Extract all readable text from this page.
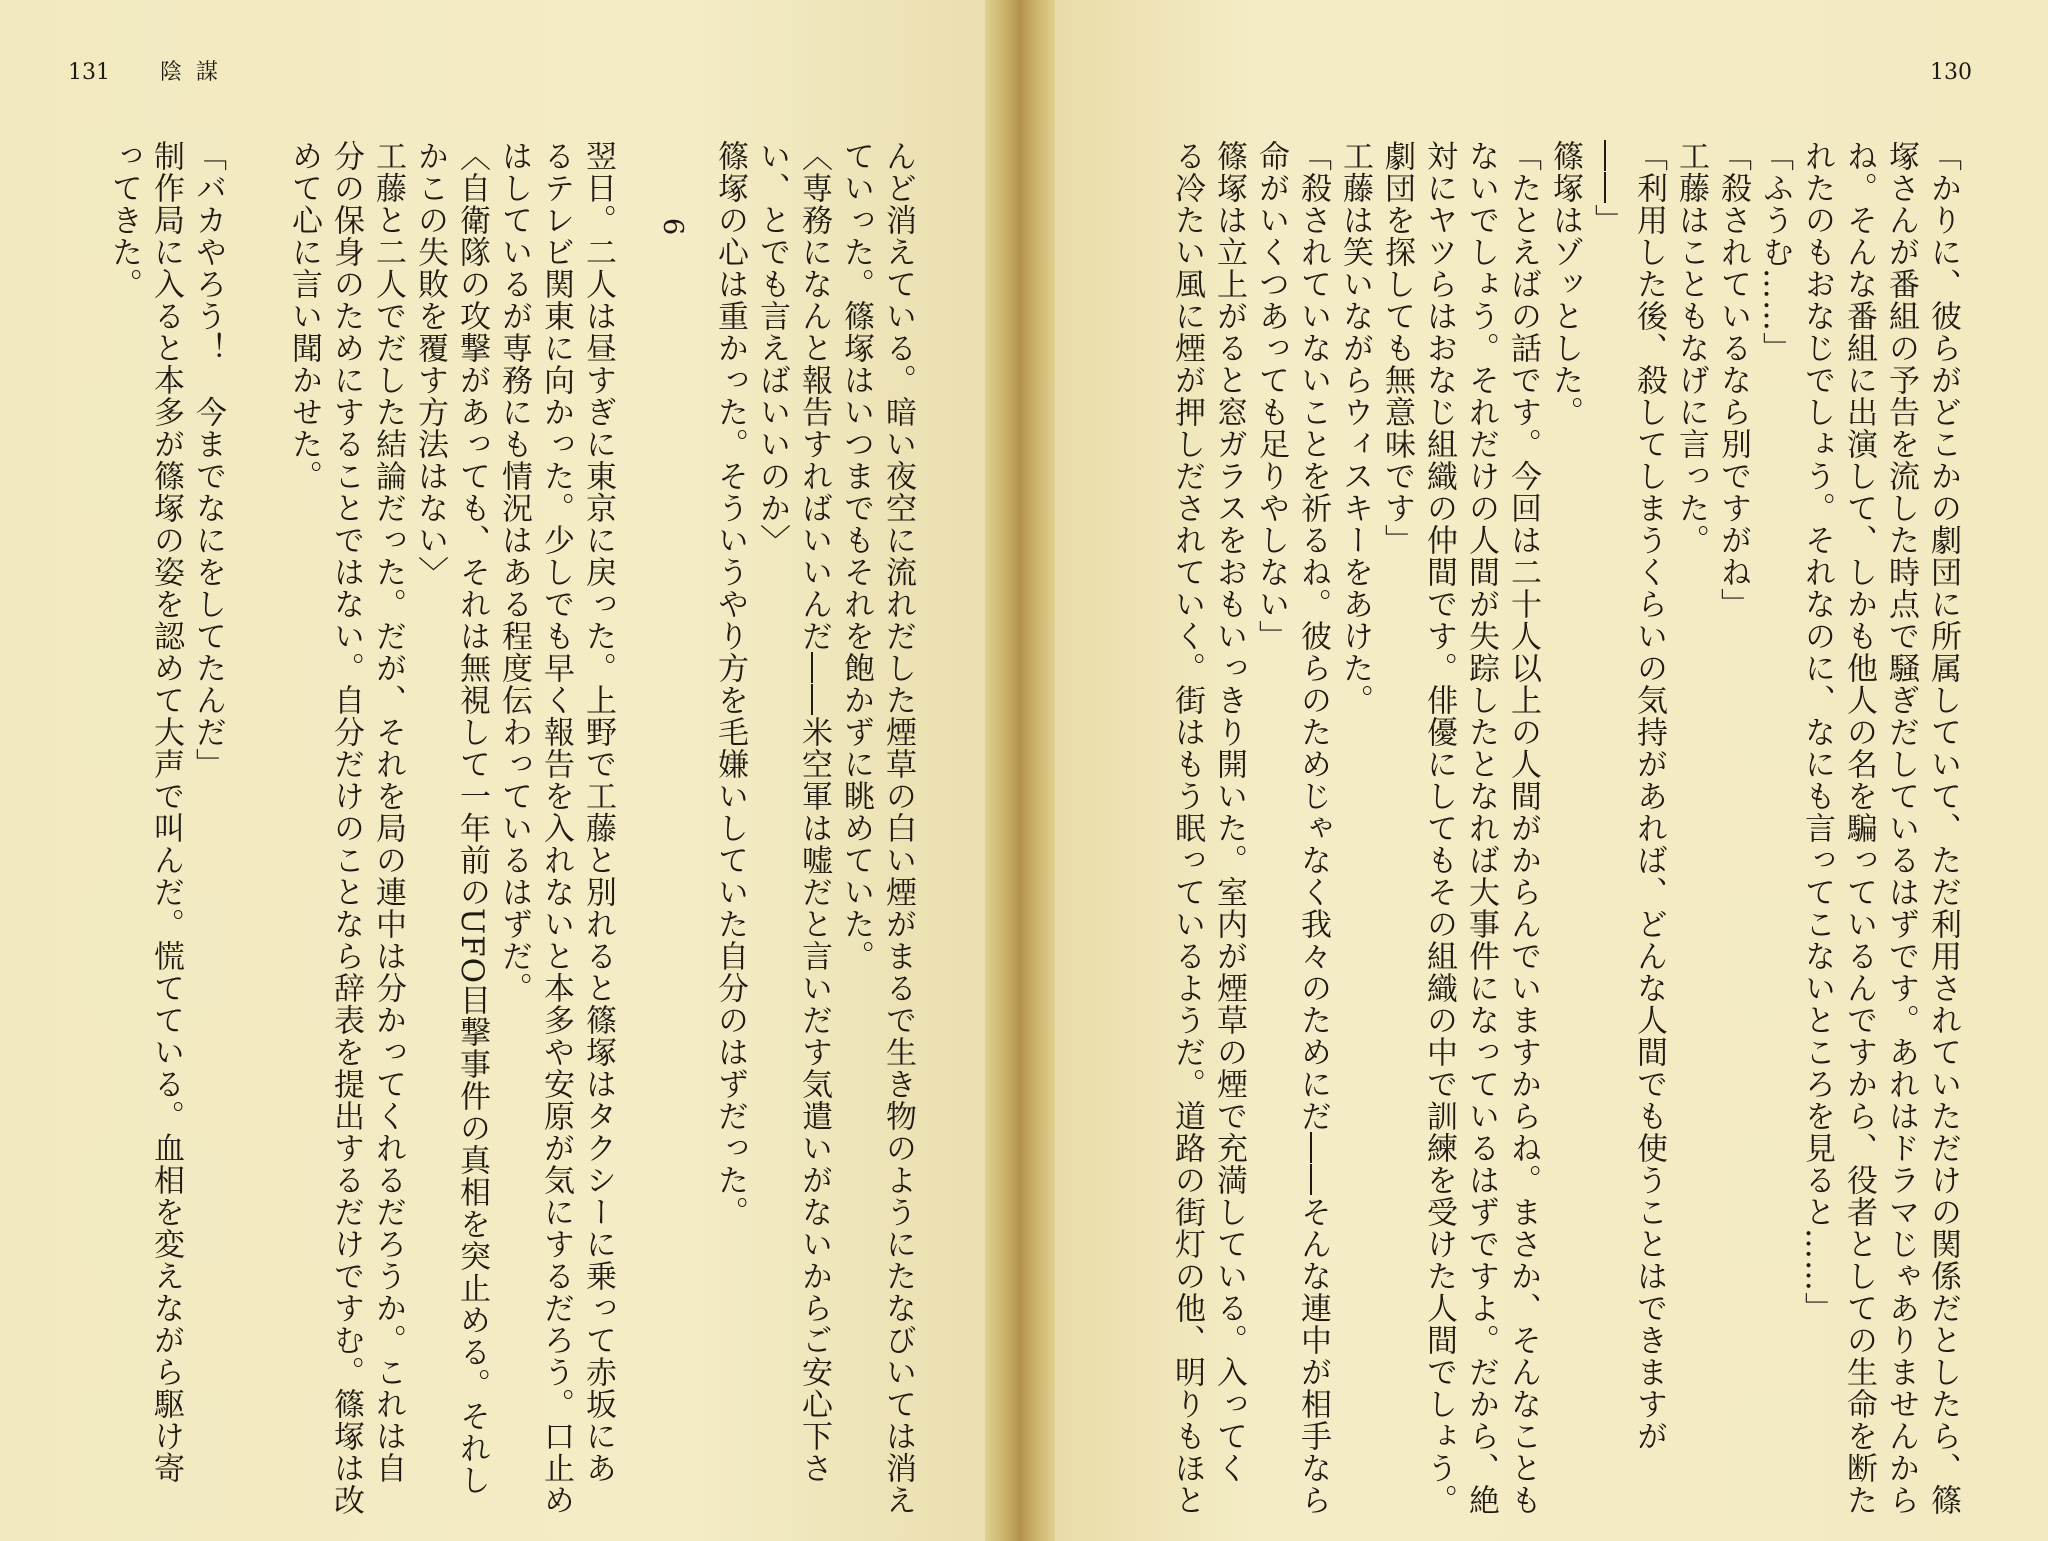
131 陰謀
んど消えている。暗い夜空に流れだした煙草の白い煙がまるで生き物のようにたなびいては消え
ていった。篠塚はいつまでもそれを飽かずに眺めていた。
〈専務になんと報告すればいいんだ――米空軍は嘘だと言いだす気遣いがないからご安心下さ
い、とでも言えばいいのか〉
篠塚の心は重かった。そういうやり方を毛嫌いしていた自分のはずだった。
6
翌日。二人は昼すぎに東京に戻った。上野で工藤と別れると篠塚はタクシーに乗って赤坂にあ
るテレビ関東に向かった。少しでも早く報告を入れないと本多や安原が気にするだろう。口止め
はしているが専務にも情況はある程度伝わっているはずだ。
〈自衛隊の攻撃があっても、それは無視して一年前のUFO目撃事件の真相を突止める。それし
かこの失敗を覆す方法はない〉
工藤と二人でだした結論だった。だが、それを局の連中は分かってくれるだろうか。これは自
分の保身のためにすることではない。自分だけのことなら辞表を提出するだけですむ。篠塚は改
めて心に言い聞かせた。
「バカやろう！　今までなにをしてたんだ」
制作局に入ると本多が篠塚の姿を認めて大声で叫んだ。慌てている。血相を変えながら駆け寄
ってきた。
130
「かりに、彼らがどこかの劇団に所属していて、ただ利用されていただけの関係だとしたら、篠
塚さんが番組の予告を流した時点で騒ぎだしているはずです。あれはドラマじゃありませんから
ね。そんな番組に出演して、しかも他人の名を騙っているんですから、役者としての生命を断た
れたのもおなじでしょう。それなのに、なにも言ってこないところを見ると……」
「ふうむ……」
「殺されているなら別ですがね」
工藤はこともなげに言った。
「利用した後、殺してしまうくらいの気持があれば、どんな人間でも使うことはできますが
――」
篠塚はゾッとした。
「たとえばの話です。今回は二十人以上の人間がからんでいますからね。まさか、そんなことも
ないでしょう。それだけの人間が失踪したとなれば大事件になっているはずですよ。だから、絶
対にヤツらはおなじ組織の仲間です。俳優にしてもその組織の中で訓練を受けた人間でしょう。
劇団を探しても無意味です」
工藤は笑いながらウィスキーをあけた。
「殺されていないことを祈るね。彼らのためじゃなく我々のためにだ――そんな連中が相手なら
命がいくつあっても足りやしない」
篠塚は立上がると窓ガラスをおもいっきり開いた。室内が煙草の煙で充満している。入ってく
る冷たい風に煙が押しだされていく。街はもう眠っているようだ。道路の街灯の他、明りもほと
